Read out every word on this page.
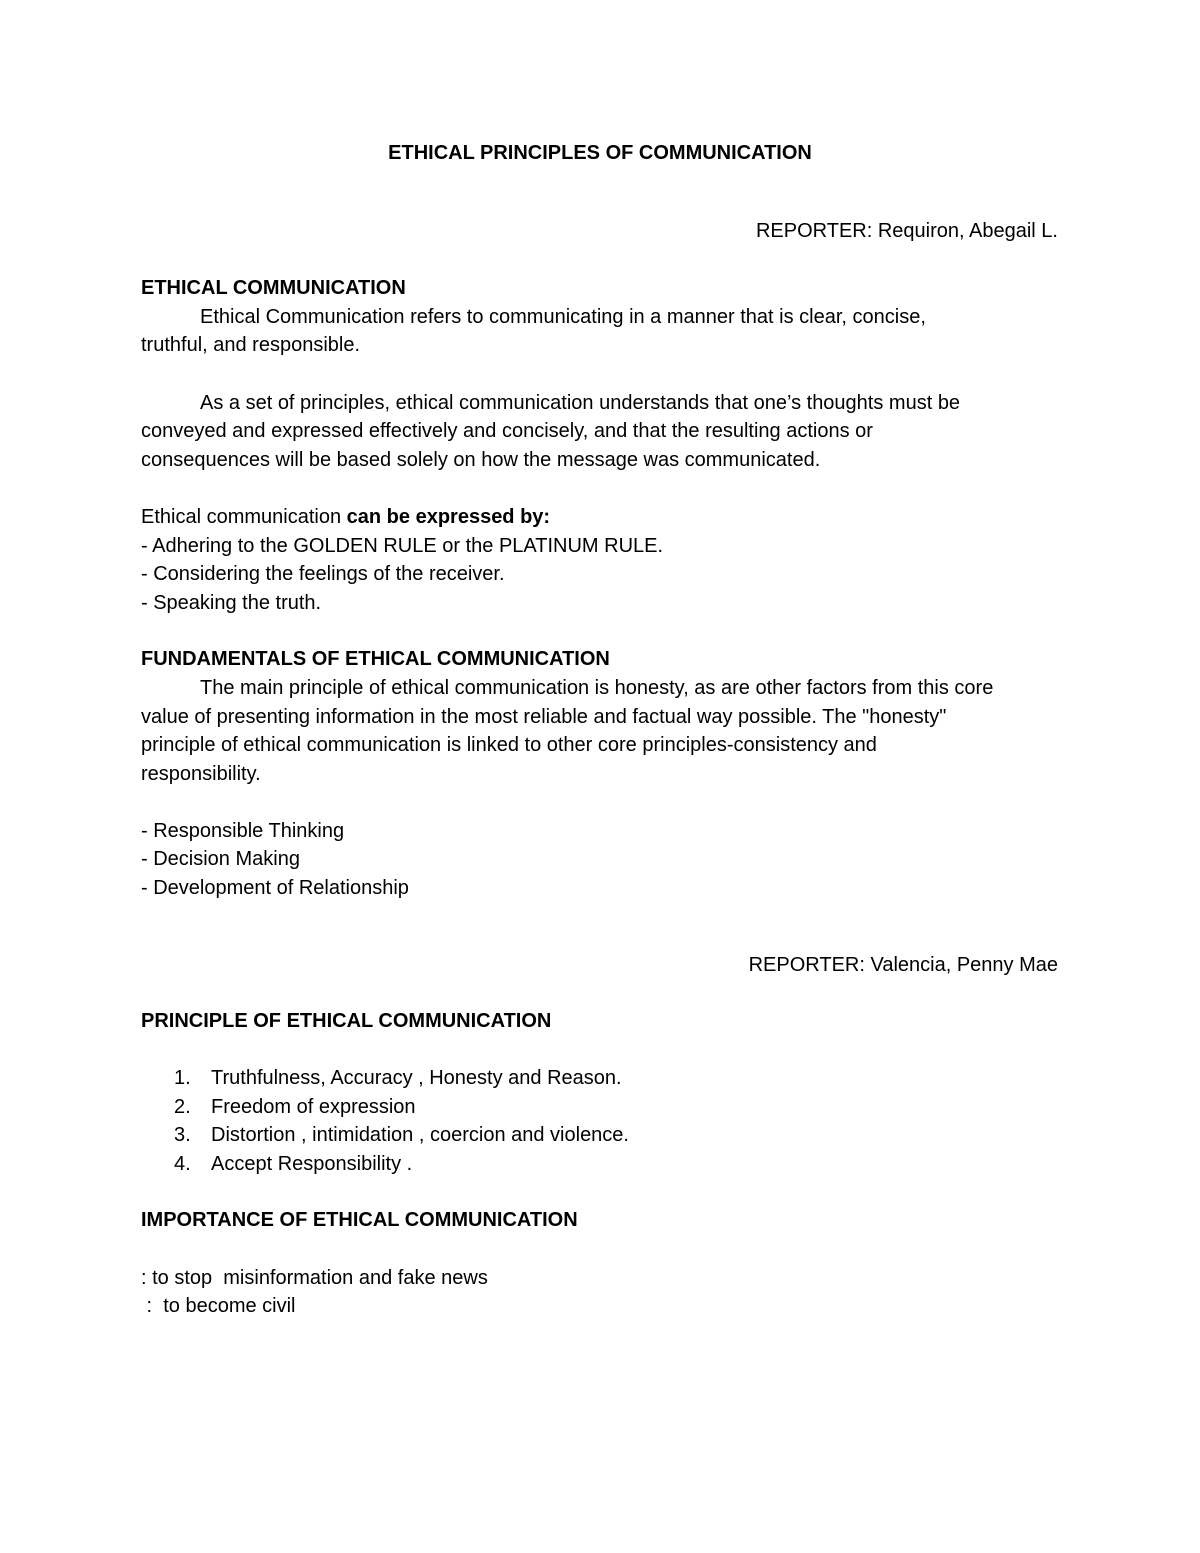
ETHICAL PRINCIPLES OF COMMUNICATION
REPORTER: Requiron, Abegail L.
ETHICAL COMMUNICATION
Ethical Communication refers to communicating in a manner that is clear, concise,
truthful, and responsible.
As a set of principles, ethical communication understands that one’s thoughts must be
conveyed and expressed effectively and concisely, and that the resulting actions or
consequences will be based solely on how the message was communicated.
Ethical communication can be expressed by:
- Adhering to the GOLDEN RULE or the PLATINUM RULE.
- Considering the feelings of the receiver.
- Speaking the truth.
FUNDAMENTALS OF ETHICAL COMMUNICATION
The main principle of ethical communication is honesty, as are other factors from this core
value of presenting information in the most reliable and factual way possible. The "honesty"
principle of ethical communication is linked to other core principles-consistency and
responsibility.
- Responsible Thinking
- Decision Making
- Development of Relationship
REPORTER: Valencia, Penny Mae
PRINCIPLE OF ETHICAL COMMUNICATION
1. Truthfulness, Accuracy , Honesty and Reason.
2. Freedom of expression
3. Distortion , intimidation , coercion and violence.
4. Accept Responsibility .
IMPORTANCE OF ETHICAL COMMUNICATION
: to stop  misinformation and fake news
:  to become civil
